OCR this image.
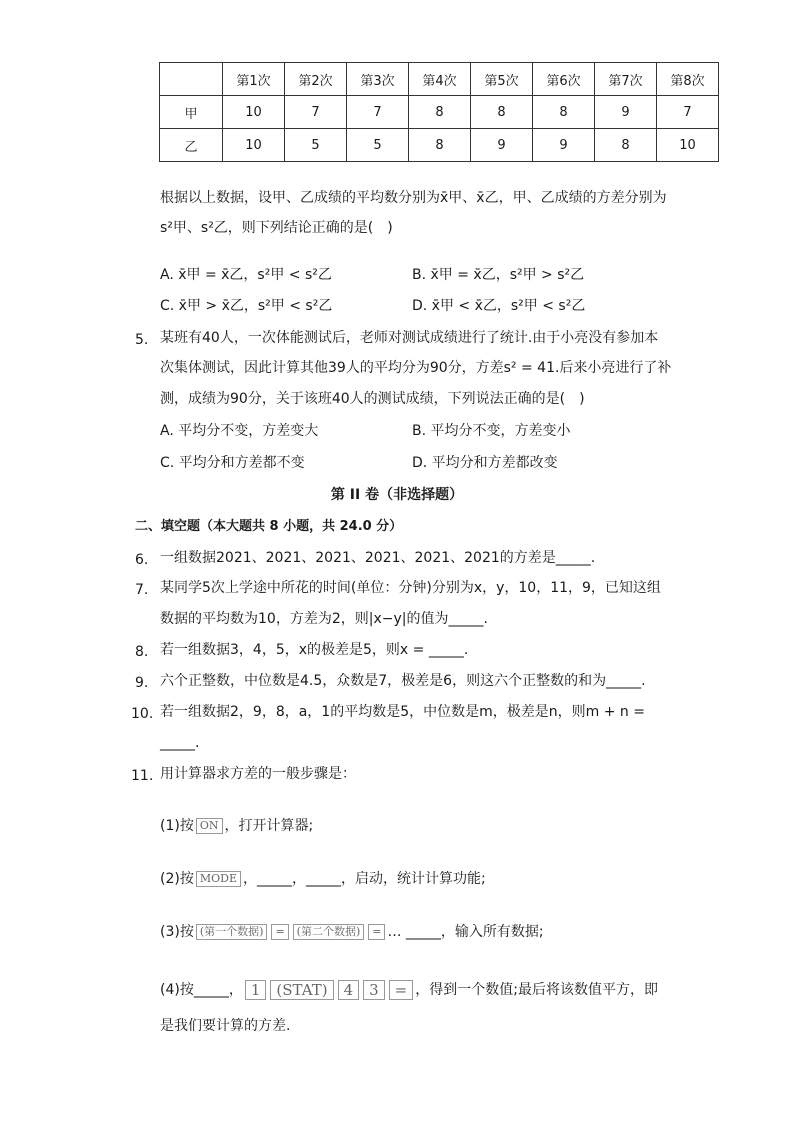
	第1次	第2次	第3次	第4次	第5次	第6次	第7次	第8次
甲	10	7	7	8	8	8	9	7
乙	10	5	5	8	9	9	8	10
根据以上数据，设甲、乙成绩的平均数分别为x̄甲、x̄乙，甲、乙成绩的方差分别为
s²甲、s²乙，则下列结论正确的是(　)
A. x̄甲 = x̄乙，s²甲 < s²乙	B. x̄甲 = x̄乙，s²甲 > s²乙
C. x̄甲 > x̄乙，s²甲 < s²乙	D. x̄甲 < x̄乙，s²甲 < s²乙
5. 某班有40人，一次体能测试后，老师对测试成绩进行了统计.由于小亮没有参加本
次集体测试，因此计算其他39人的平均分为90分，方差s² = 41.后来小亮进行了补
测，成绩为90分，关于该班40人的测试成绩，下列说法正确的是(　)
A. 平均分不变，方差变大	B. 平均分不变，方差变小
C. 平均分和方差都不变	D. 平均分和方差都改变
第 II 卷（非选择题）
二、填空题（本大题共 8 小题，共 24.0 分）
6. 一组数据2021、2021、2021、2021、2021、2021的方差是_____.
7. 某同学5次上学途中所花的时间(单位：分钟)分别为x，y，10，11，9，已知这组
数据的平均数为10，方差为2，则|x−y|的值为_____.
8. 若一组数据3，4，5，x的极差是5，则x = _____.
9. 六个正整数，中位数是4.5，众数是7，极差是6，则这六个正整数的和为_____.
10. 若一组数据2，9，8，a，1的平均数是5，中位数是m，极差是n，则m + n =
_____.
11. 用计算器求方差的一般步骤是：
(1)按 ON ，打开计算器;
(2)按 MODE ，_____，_____，启动，统计计算功能;
(3)按 (第一个数据) = (第二个数据) = … _____，输入所有数据;
(4)按_____， 1 (STAT) 4 3 = ，得到一个数值;最后将该数值平方，即
是我们要计算的方差.
